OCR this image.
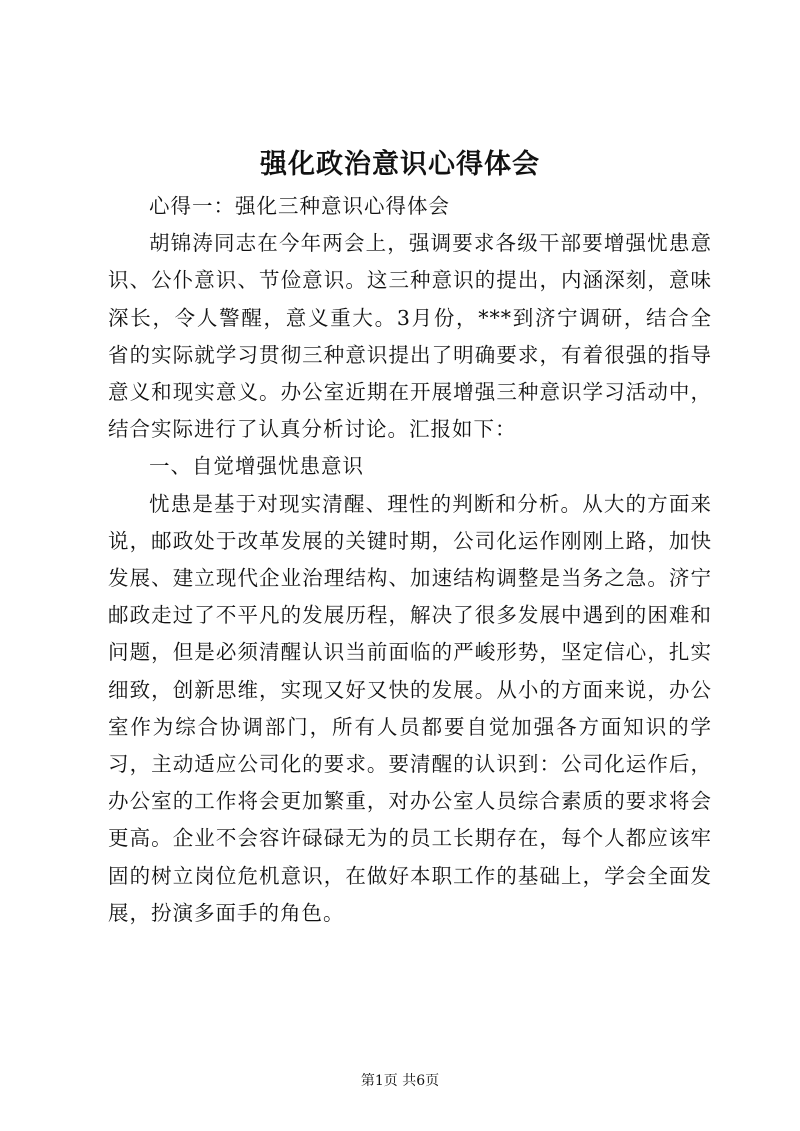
强化政治意识心得体会

心得一：强化三种意识心得体会

胡锦涛同志在今年两会上，强调要求各级干部要增强忧患意识、公仆意识、节俭意识。这三种意识的提出，内涵深刻，意味深长，令人警醒，意义重大。3月份，***到济宁调研，结合全省的实际就学习贯彻三种意识提出了明确要求，有着很强的指导意义和现实意义。办公室近期在开展增强三种意识学习活动中，结合实际进行了认真分析讨论。汇报如下：

一、自觉增强忧患意识

忧患是基于对现实清醒、理性的判断和分析。从大的方面来说，邮政处于改革发展的关键时期，公司化运作刚刚上路，加快发展、建立现代企业治理结构、加速结构调整是当务之急。济宁邮政走过了不平凡的发展历程，解决了很多发展中遇到的困难和问题，但是必须清醒认识当前面临的严峻形势，坚定信心，扎实细致，创新思维，实现又好又快的发展。从小的方面来说，办公室作为综合协调部门，所有人员都要自觉加强各方面知识的学习，主动适应公司化的要求。要清醒的认识到：公司化运作后，办公室的工作将会更加繁重，对办公室人员综合素质的要求将会更高。企业不会容许碌碌无为的员工长期存在，每个人都应该牢固的树立岗位危机意识，在做好本职工作的基础上，学会全面发展，扮演多面手的角色。

第1页 共6页
